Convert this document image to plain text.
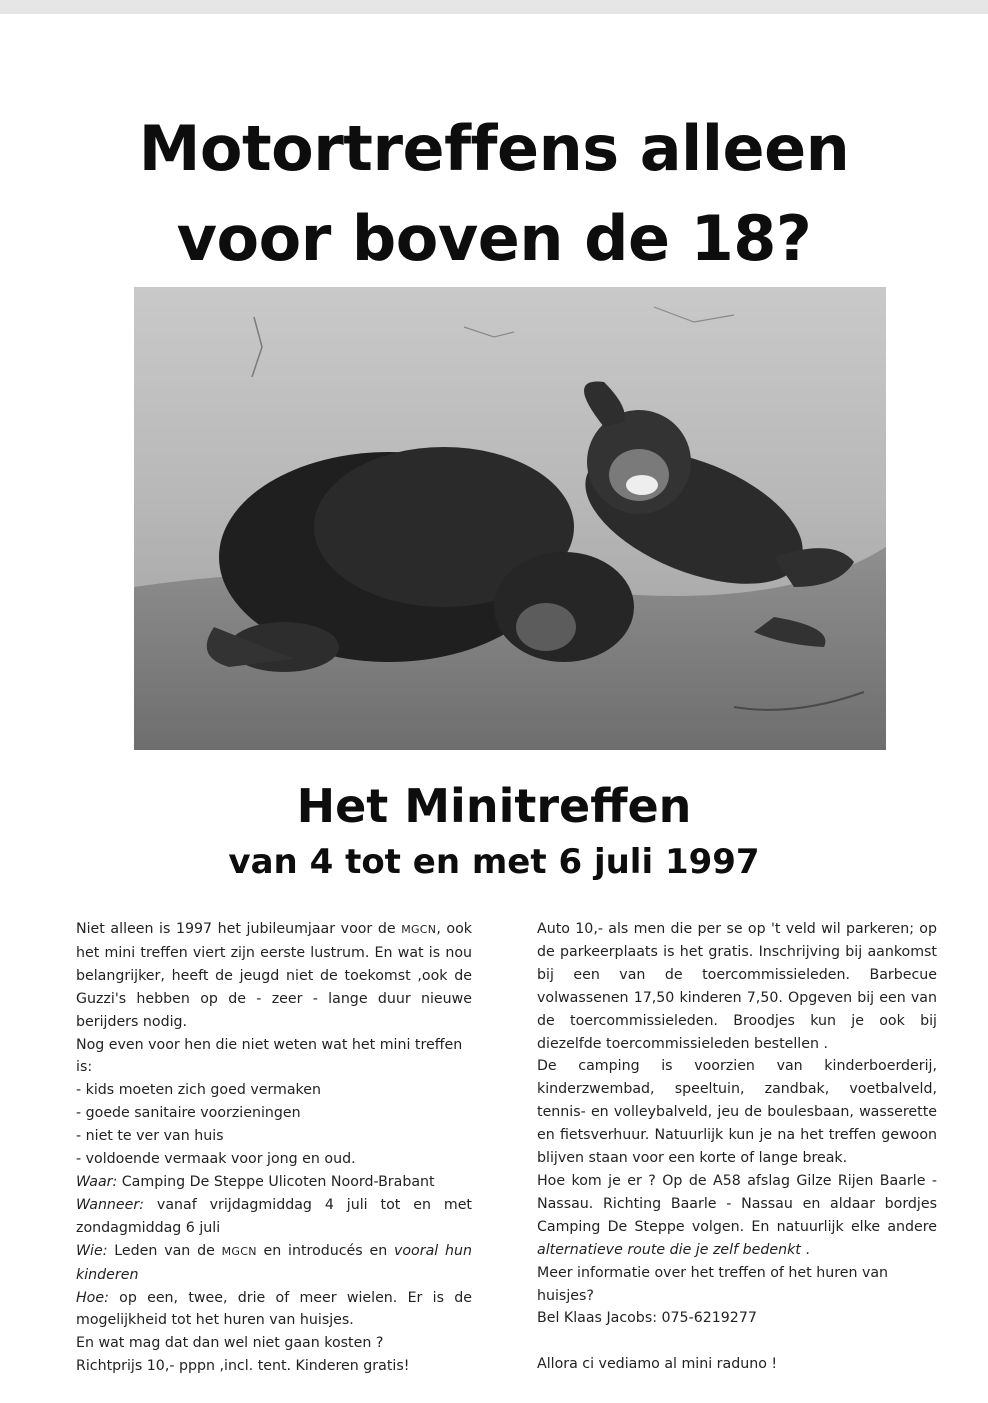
Motortreffens alleen
voor boven de 18?
Het Minitreffen
van 4 tot en met 6 juli 1997

Niet alleen is 1997 het jubileumjaar voor de MGCN, ook het mini treffen viert zijn eerste lustrum. En wat is nou belangrijker, heeft de jeugd niet de toekomst ,ook de Guzzi's hebben op de - zeer - lange duur nieuwe berijders nodig.

Nog even voor hen die niet weten wat het mini treffen is:

- kids moeten zich goed vermaken

- goede sanitaire voorzieningen

- niet te ver van huis

- voldoende vermaak voor jong en oud.

Waar: Camping De Steppe Ulicoten Noord-Brabant

Wanneer: vanaf vrijdagmiddag 4 juli tot en met zondagmiddag 6 juli

Wie: Leden van de MGCN en introducés en vooral hun kinderen

Hoe: op een, twee, drie of meer wielen. Er is de mogelijkheid tot het huren van huisjes.

En wat mag dat dan wel niet gaan kosten ?

Richtprijs 10,- pppn ,incl. tent. Kinderen gratis!

Auto 10,- als men die per se op 't veld wil parkeren; op de parkeerplaats is het gratis. Inschrijving bij aankomst bij een van de toercommissieleden. Barbecue volwassenen 17,50 kinderen 7,50. Opgeven bij een van de toercommissieleden. Broodjes kun je ook bij diezelfde toercommissieleden bestellen .

De camping is voorzien van kinderboerderij, kinderzwembad, speeltuin, zandbak, voetbalveld, tennis- en volleybalveld, jeu de boulesbaan, wasserette en fietsverhuur. Natuurlijk kun je na het treffen gewoon blijven staan voor een korte of lange break.

Hoe kom je er ? Op de A58 afslag Gilze Rijen Baarle - Nassau. Richting Baarle - Nassau en aldaar bordjes Camping De Steppe volgen. En natuurlijk elke andere alternatieve route die je zelf bedenkt .

Meer informatie over het treffen of het huren van huisjes?

Bel Klaas Jacobs: 075-6219277

Allora ci vediamo al mini raduno !
